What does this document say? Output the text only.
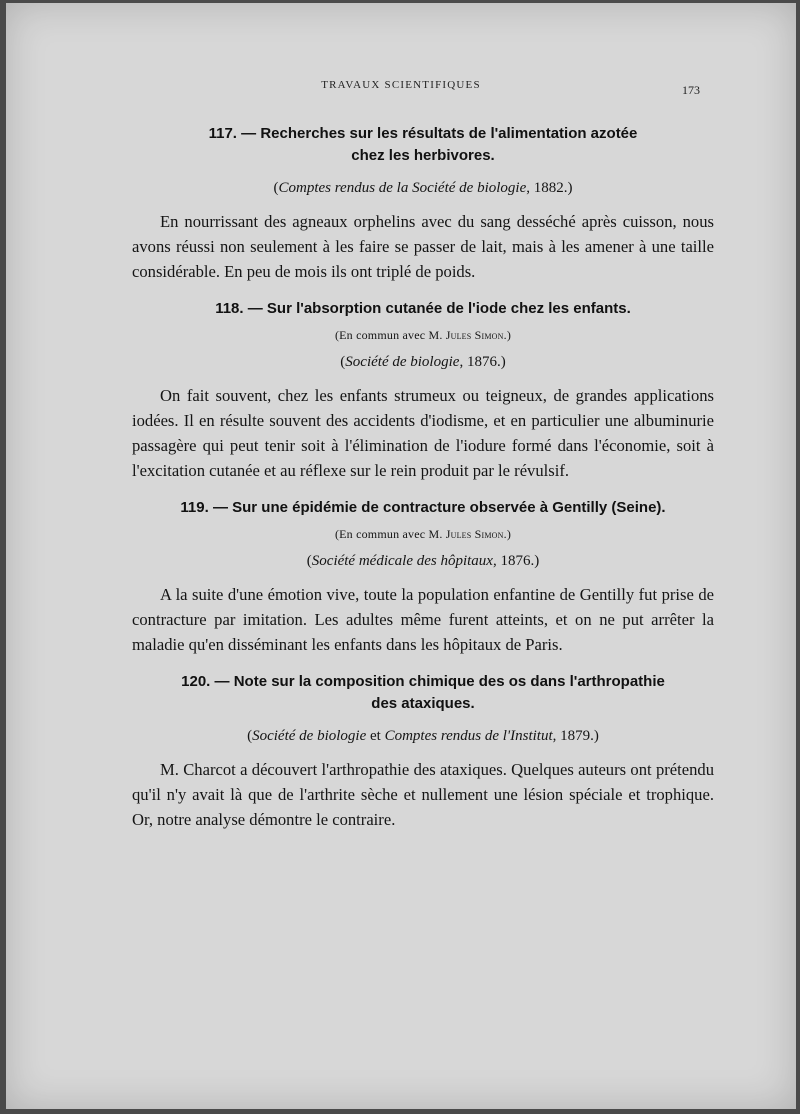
TRAVAUX SCIENTIFIQUES	173
117. — Recherches sur les résultats de l'alimentation azotée
chez les herbivores.
(Comptes rendus de la Société de biologie, 1882.)

En nourrissant des agneaux orphelins avec du sang desséché après cuisson, nous avons réussi non seulement à les faire se passer de lait, mais à les amener à une taille considérable. En peu de mois ils ont triplé de poids.

118. — Sur l'absorption cutanée de l'iode chez les enfants.
(En commun avec M. Jules Simon.)
(Société de biologie, 1876.)

On fait souvent, chez les enfants strumeux ou teigneux, de grandes applications iodées. Il en résulte souvent des accidents d'iodisme, et en particulier une albuminurie passagère qui peut tenir soit à l'élimination de l'iodure formé dans l'économie, soit à l'excitation cutanée et au réflexe sur le rein produit par le révulsif.

119. — Sur une épidémie de contracture observée à Gentilly (Seine).
(En commun avec M. Jules Simon.)
(Société médicale des hôpitaux, 1876.)

A la suite d'une émotion vive, toute la population enfantine de Gentilly fut prise de contracture par imitation. Les adultes même furent atteints, et on ne put arrêter la maladie qu'en disséminant les enfants dans les hôpitaux de Paris.

120. — Note sur la composition chimique des os dans l'arthropathie
des ataxiques.
(Société de biologie et Comptes rendus de l'Institut, 1879.)

M. Charcot a découvert l'arthropathie des ataxiques. Quelques auteurs ont prétendu qu'il n'y avait là que de l'arthrite sèche et nullement une lésion spéciale et trophique. Or, notre analyse démontre le contraire.
